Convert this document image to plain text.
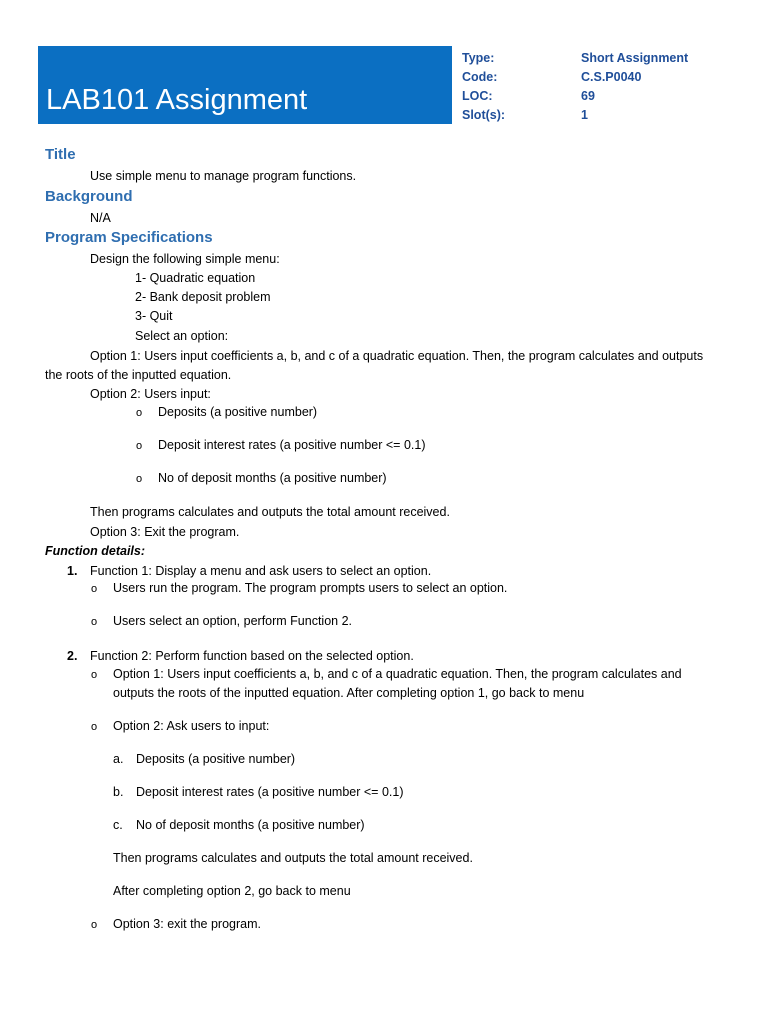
LAB101 Assignment
Type:	Short Assignment
Code:	C.S.P0040
LOC:	69
Slot(s):	1
Title
Use simple menu to manage program functions.
Background
N/A
Program Specifications
Design the following simple menu:
1- Quadratic equation
2- Bank deposit problem
3- Quit
Select an option:
Option 1: Users input coefficients a, b, and c of a quadratic equation. Then, the program calculates and outputs
the roots of the inputted equation.
Option 2: Users input:
o Deposits (a positive number)
o Deposit interest rates (a positive number <= 0.1)
o No of deposit months (a positive number)
Then programs calculates and outputs the total amount received.
Option 3: Exit the program.
Function details:
1. Function 1: Display a menu and ask users to select an option.
o Users run the program. The program prompts users to select an option.
o Users select an option, perform Function 2.
2. Function 2: Perform function based on the selected option.
o Option 1: Users input coefficients a, b, and c of a quadratic equation. Then, the program calculates and
outputs the roots of the inputted equation. After completing option 1, go back to menu
o Option 2: Ask users to input:
a. Deposits (a positive number)
b. Deposit interest rates (a positive number <= 0.1)
c. No of deposit months (a positive number)
Then programs calculates and outputs the total amount received.
After completing option 2, go back to menu
o Option 3: exit the program.
